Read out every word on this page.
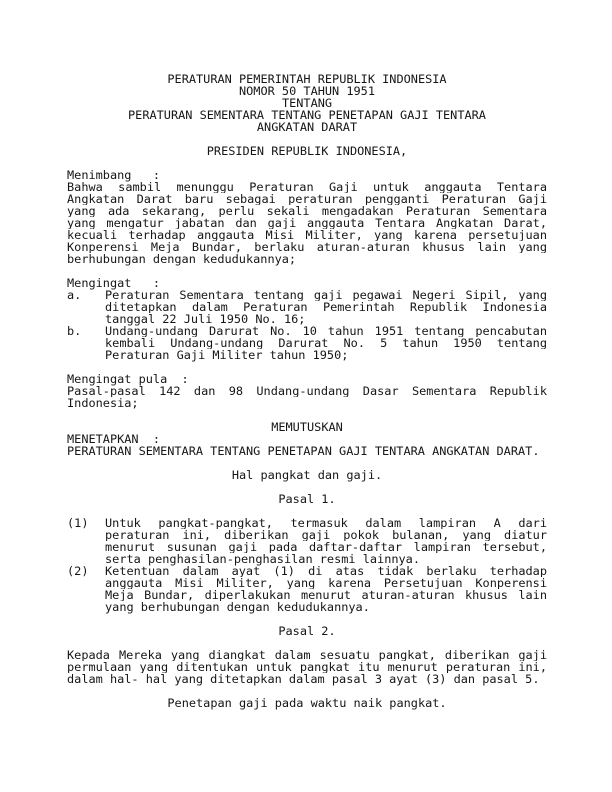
PERATURAN PEMERINTAH REPUBLIK INDONESIA
NOMOR 50 TAHUN 1951
TENTANG
PERATURAN SEMENTARA TENTANG PENETAPAN GAJI TENTARA
ANGKATAN DARAT
PRESIDEN REPUBLIK INDONESIA,
Menimbang   :
Bahwa sambil menunggu Peraturan Gaji untuk anggauta Tentara
Angkatan Darat baru sebagai peraturan pengganti Peraturan Gaji
yang ada sekarang, perlu sekali mengadakan Peraturan Sementara
yang mengatur jabatan dan gaji anggauta Tentara Angkatan Darat,
kecuali terhadap anggauta Misi Militer, yang karena persetujuan
Konperensi Meja Bundar, berlaku aturan-aturan khusus lain yang
berhubungan dengan kedudukannya;
Mengingat   :
a. Peraturan Sementara tentang gaji pegawai Negeri Sipil, yang
ditetapkan dalam Peraturan Pemerintah Republik Indonesia
tanggal 22 Juli 1950 No. 16;
b. Undang-undang Darurat No. 10 tahun 1951 tentang pencabutan
kembali Undang-undang Darurat No. 5 tahun 1950 tentang
Peraturan Gaji Militer tahun 1950;
Mengingat pula  :
Pasal-pasal 142 dan 98 Undang-undang Dasar Sementara Republik
Indonesia;
MEMUTUSKAN
MENETAPKAN  :
PERATURAN SEMENTARA TENTANG PENETAPAN GAJI TENTARA ANGKATAN DARAT.
Hal pangkat dan gaji.
Pasal 1.
(1) Untuk pangkat-pangkat, termasuk dalam lampiran A dari
peraturan ini, diberikan gaji pokok bulanan, yang diatur
menurut susunan gaji pada daftar-daftar lampiran tersebut,
serta penghasilan-penghasilan resmi lainnya.
(2) Ketentuan dalam ayat (1) di atas tidak berlaku terhadap
anggauta Misi Militer, yang karena Persetujuan Konperensi
Meja Bundar, diperlakukan menurut aturan-aturan khusus lain
yang berhubungan dengan kedudukannya.
Pasal 2.
Kepada Mereka yang diangkat dalam sesuatu pangkat, diberikan gaji
permulaan yang ditentukan untuk pangkat itu menurut peraturan ini,
dalam hal- hal yang ditetapkan dalam pasal 3 ayat (3) dan pasal 5.
Penetapan gaji pada waktu naik pangkat.
